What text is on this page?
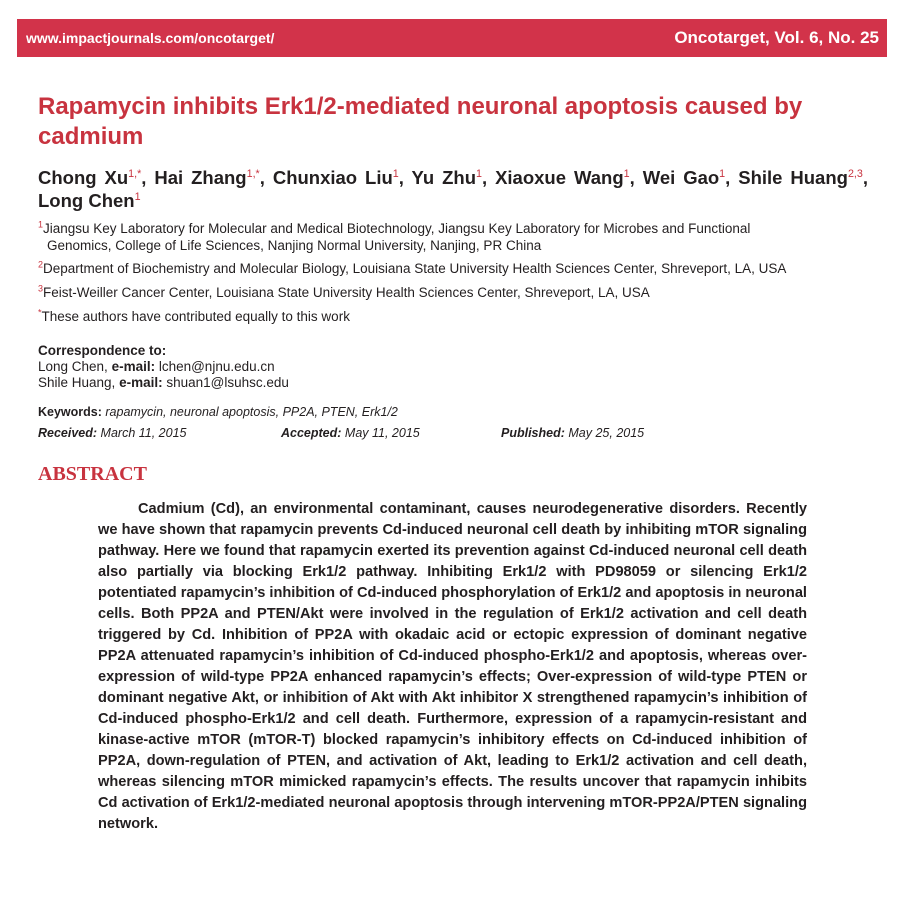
www.impactjournals.com/oncotarget/	Oncotarget, Vol. 6, No. 25
Rapamycin inhibits Erk1/2-mediated neuronal apoptosis caused by cadmium

Chong $Xu^{1,*}$, Hai Zhang$^{1,*}$, Chunxiao Liu$^1$, Yu Zhu$^1$, Xiaoxue Wang$^1$, Wei Gao$^1$, Shile Huang$^{2,3}$, Long Chen$^1$

$^1$Jiangsu Key Laboratory for Molecular and Medical Biotechnology, Jiangsu Key Laboratory for Microbes and Functional
Genomics, College of Life Sciences, Nanjing Normal University, Nanjing, PR China

$^2$Department of Biochemistry and Molecular Biology, Louisiana State University Health Sciences Center, Shreveport, LA, USA

$^3$Feist-Weiller Cancer Center, Louisiana State University Health Sciences Center, Shreveport, LA, USA

*These authors have contributed equally to this work

Correspondence to:
Long Chen, e-mail: lchen@njnu.edu.cn
Shile Huang, e-mail: shuan1@lsuhsc.edu
Keywords: rapamycin, neuronal apoptosis, PP2A, PTEN, Erk1/2
Received: March 11, 2015	Accepted: May 11, 2015	Published: May 25, 2015
ABSTRACT

Cadmium (Cd), an environmental contaminant, causes neurodegenerative disorders. Recently we have shown that rapamycin prevents Cd-induced neuronal cell death by inhibiting mTOR signaling pathway. Here we found that rapamycin exerted its prevention against Cd-induced neuronal cell death also partially via blocking Erk1/2 pathway. Inhibiting Erk1/2 with PD98059 or silencing Erk1/2 potentiated rapamycin’s inhibition of Cd-induced phosphorylation of Erk1/2 and apoptosis in neuronal cells. Both PP2A and PTEN/Akt were involved in the regulation of Erk1/2 activation and cell death triggered by Cd. Inhibition of PP2A with okadaic acid or ectopic expression of dominant negative PP2A attenuated rapamycin’s inhibition of Cd-induced phospho-Erk1/2 and apoptosis, whereas over-expression of wild-type PP2A enhanced rapamycin’s effects; Over-expression of wild-type PTEN or dominant negative Akt, or inhibition of Akt with Akt inhibitor X strengthened rapamycin’s inhibition of Cd-induced phospho-Erk1/2 and cell death. Furthermore, expression of a rapamycin-resistant and kinase-active mTOR (mTOR-T) blocked rapamycin’s inhibitory effects on Cd-induced inhibition of PP2A, down-regulation of PTEN, and activation of Akt, leading to Erk1/2 activation and cell death, whereas silencing mTOR mimicked rapamycin’s effects. The results uncover that rapamycin inhibits Cd activation of Erk1/2-mediated neuronal apoptosis through intervening mTOR-PP2A/PTEN signaling network.
